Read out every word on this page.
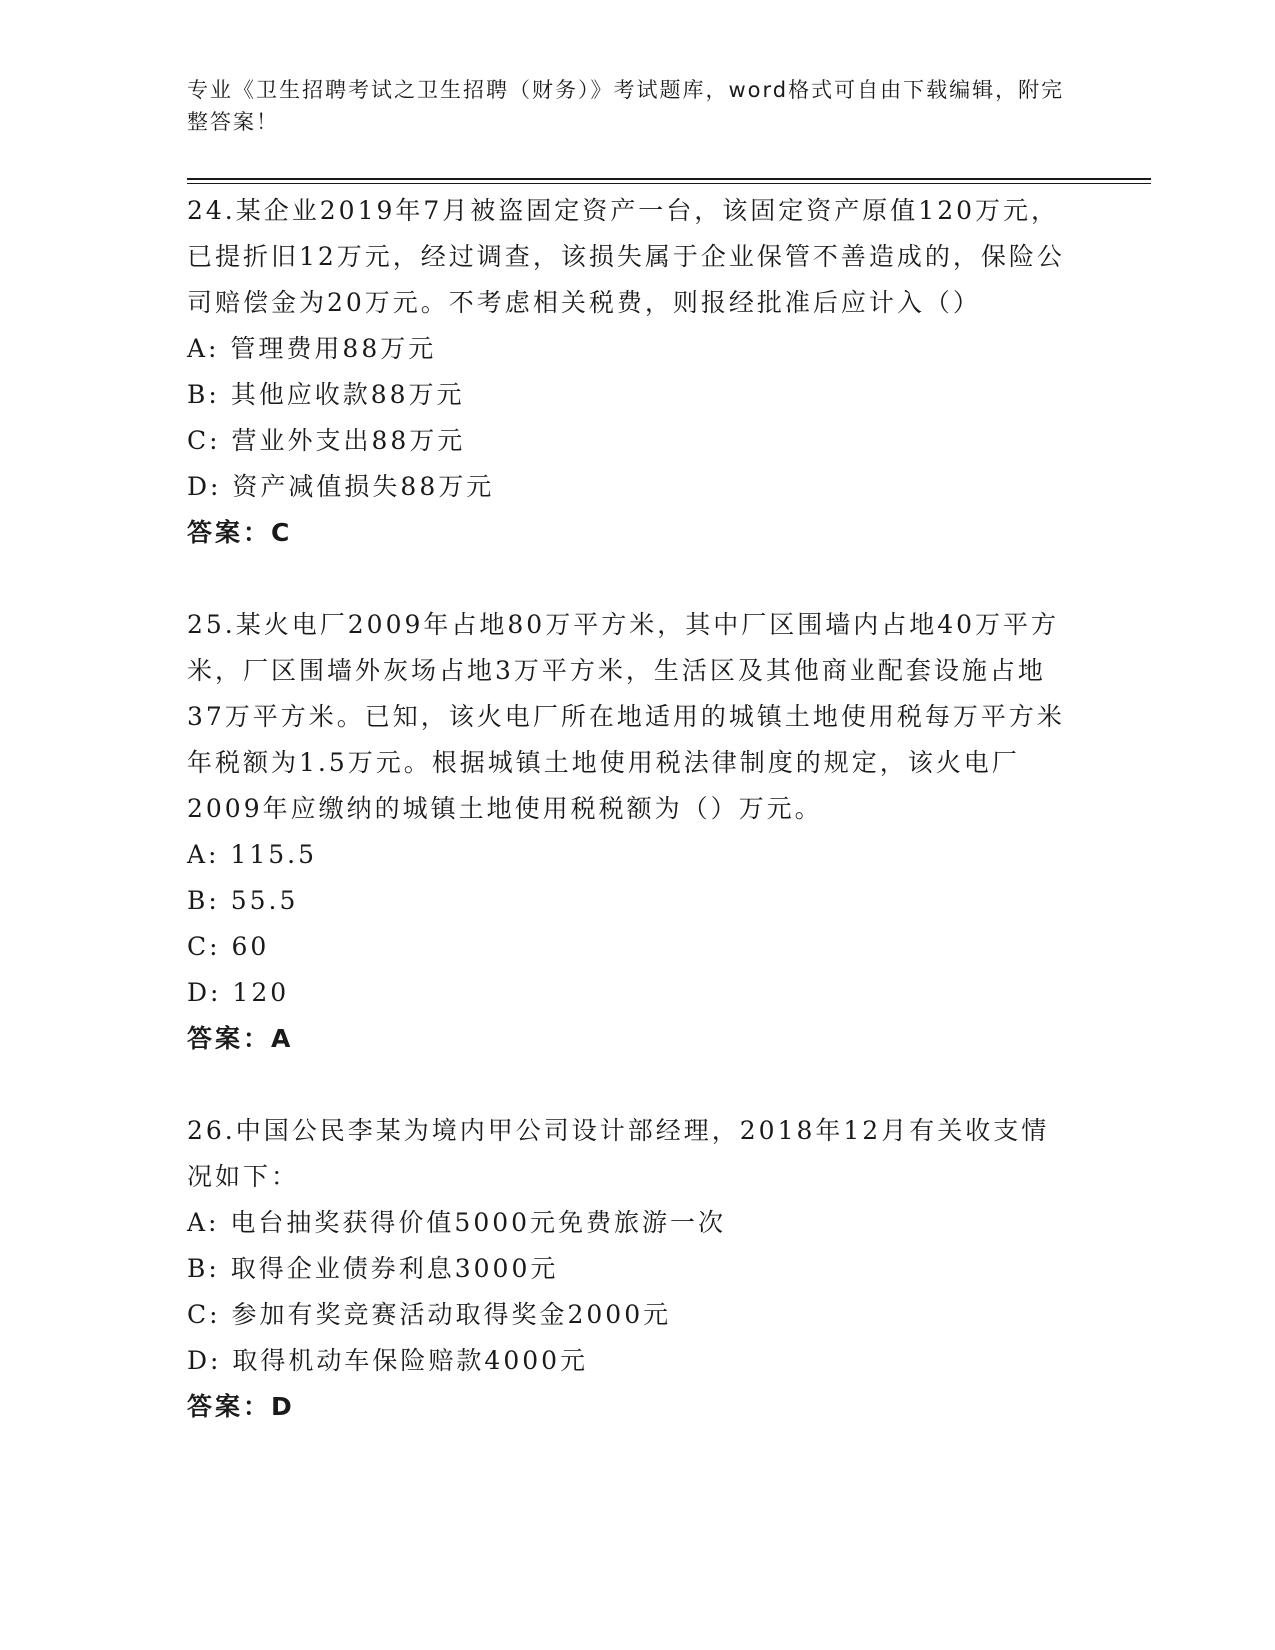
专业《卫生招聘考试之卫生招聘（财务）》考试题库，word格式可自由下载编辑，附完整答案！

24.某企业2019年7月被盗固定资产一台，该固定资产原值120万元，已提折旧12万元，经过调查，该损失属于企业保管不善造成的，保险公司赔偿金为20万元。不考虑相关税费，则报经批准后应计入（）

A: 管理费用88万元

B: 其他应收款88万元

C: 营业外支出88万元

D: 资产减值损失88万元

答案：C

25.某火电厂2009年占地80万平方米，其中厂区围墙内占地40万平方米，厂区围墙外灰场占地3万平方米，生活区及其他商业配套设施占地37万平方米。已知，该火电厂所在地适用的城镇土地使用税每万平方米年税额为1.5万元。根据城镇土地使用税法律制度的规定，该火电厂2009年应缴纳的城镇土地使用税税额为（）万元。

A: 115.5

B: 55.5

C: 60

D: 120

答案：A

26.中国公民李某为境内甲公司设计部经理，2018年12月有关收支情况如下：

A: 电台抽奖获得价值5000元免费旅游一次

B: 取得企业债券利息3000元

C: 参加有奖竞赛活动取得奖金2000元

D: 取得机动车保险赔款4000元

答案：D
